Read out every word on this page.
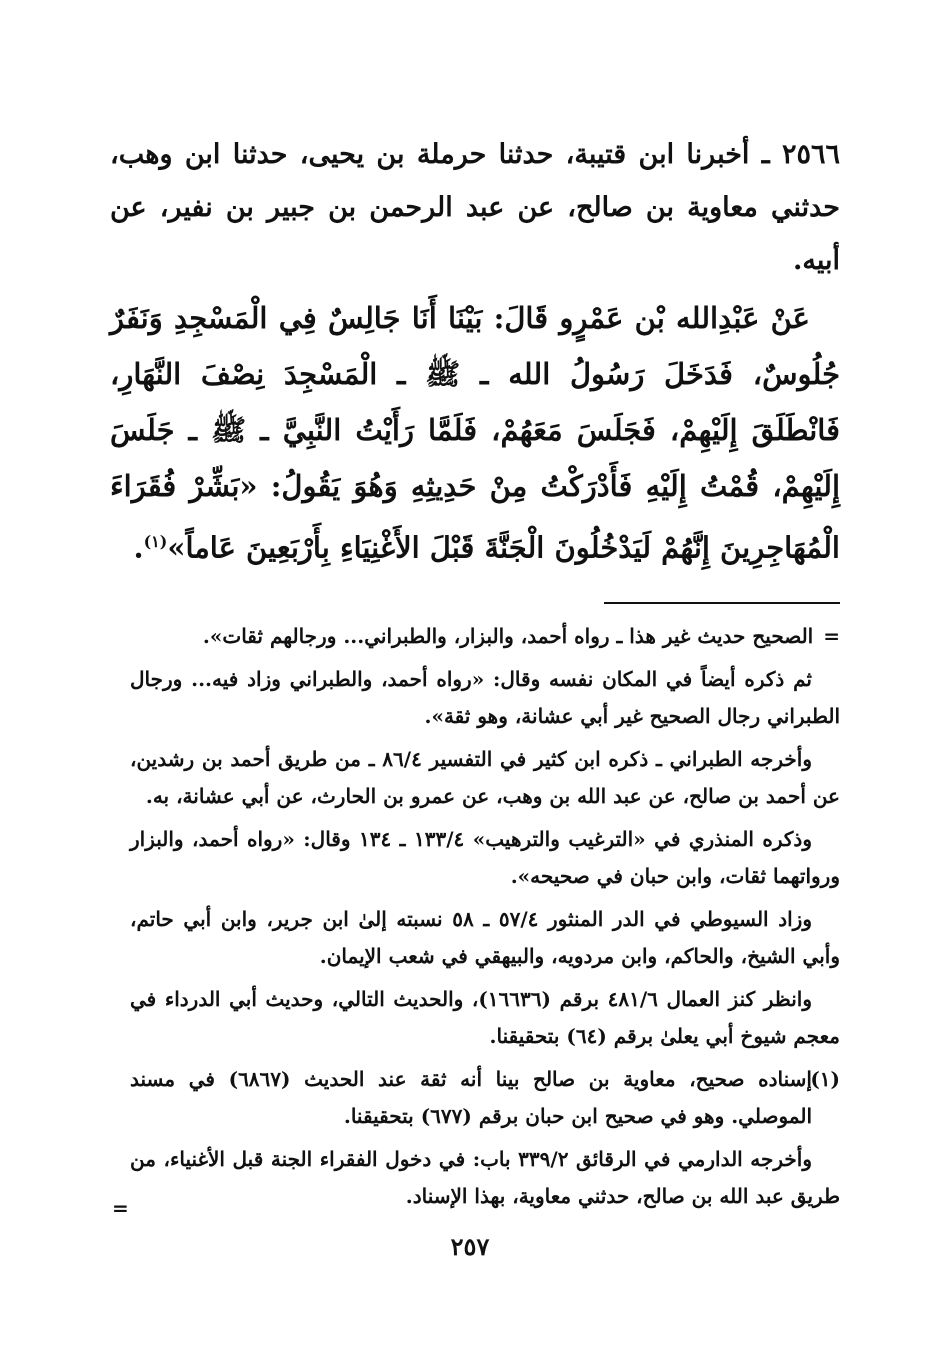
٢٥٦٦ ـ أخبرنا ابن قتيبة، حدثنا حرملة بن يحيى، حدثنا ابن وهب، حدثني معاوية بن صالح، عن عبد الرحمن بن جبير بن نفير، عن أبيه.

عَنْ عَبْدِالله بْن عَمْرٍو قَالَ: بَيْنَا أَنَا جَالِسٌ فِي الْمَسْجِدِ وَنَفَرٌ جُلُوسٌ، فَدَخَلَ رَسُولُ الله ـ ﷺ ـ الْمَسْجِدَ نِصْفَ النَّهَارِ، فَانْطَلَقَ إِلَيْهِمْ، فَجَلَسَ مَعَهُمْ، فَلَمَّا رَأَيْتُ النَّبِيَّ ـ ﷺ ـ جَلَسَ إِلَيْهِمْ، قُمْتُ إِلَيْهِ فَأَدْرَكْتُ مِنْ حَدِيثِهِ وَهُوَ يَقُولُ: «بَشِّرْ فُقَرَاءَ الْمُهَاجِرِينَ إِنَّهُمْ لَيَدْخُلُونَ الْجَنَّةَ قَبْلَ الأَغْنِيَاءِ بِأَرْبَعِينَ عَاماً»$^{(١)}$.

=الصحيح حديث غير هذا ـ رواه أحمد، والبزار، والطبراني... ورجالهم ثقات».

ثم ذكره أيضاً في المكان نفسه وقال: «رواه أحمد، والطبراني وزاد فيه... ورجال الطبراني رجال الصحيح غير أبي عشانة، وهو ثقة».

وأخرجه الطبراني ـ ذكره ابن كثير في التفسير ٨٦/٤ ـ من طريق أحمد بن رشدين، عن أحمد بن صالح، عن عبد الله بن وهب، عن عمرو بن الحارث، عن أبي عشانة، به.

وذكره المنذري في «الترغيب والترهيب» ١٣٣/٤ ـ ١٣٤ وقال: «رواه أحمد، والبزار ورواتهما ثقات، وابن حبان في صحيحه».

وزاد السيوطي في الدر المنثور ٥٧/٤ ـ ٥٨ نسبته إلىٰ ابن جرير، وابن أبي حاتم، وأبي الشيخ، والحاكم، وابن مردويه، والبيهقي في شعب الإيمان.

وانظر كنز العمال ٤٨١/٦ برقم (١٦٦٣٦)، والحديث التالي، وحديث أبي الدرداء في معجم شيوخ أبي يعلىٰ برقم (٦٤) بتحقيقنا.

(١)
إسناده صحيح، معاوية بن صالح بينا أنه ثقة عند الحديث (٦٨٦٧) في مسند الموصلي. وهو في صحيح ابن حبان برقم (٦٧٧) بتحقيقنا.

وأخرجه الدارمي في الرقائق ٣٣٩/٢ باب: في دخول الفقراء الجنة قبل الأغنياء، من طريق عبد الله بن صالح، حدثني معاوية، بهذا الإسناد.

=
٢٥٧
